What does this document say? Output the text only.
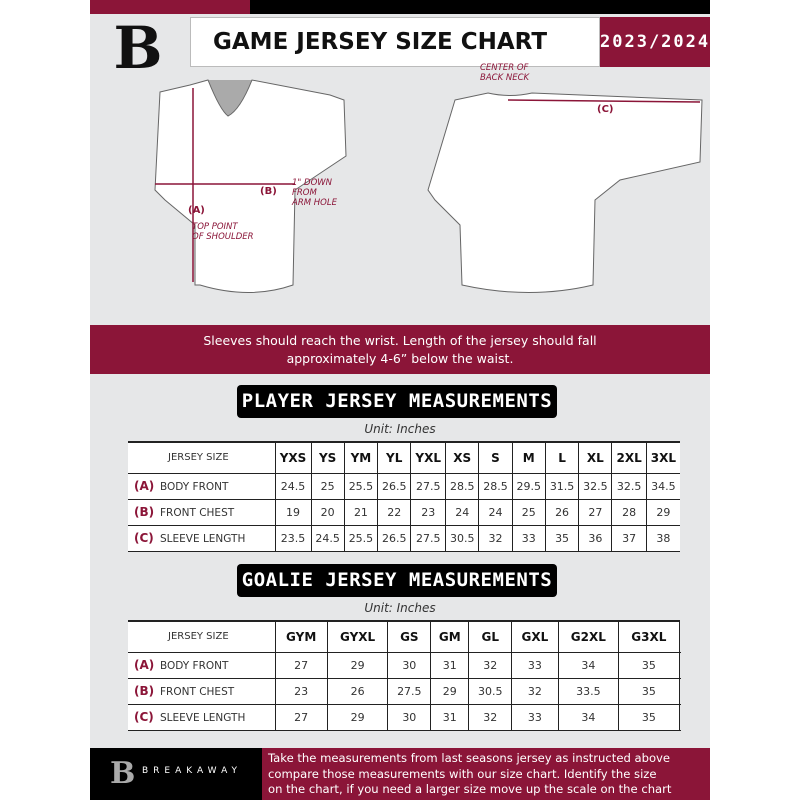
B GAME JERSEY SIZE CHART	2023/2024
(A)
TOP POINT
OF SHOULDER
(B)
1" DOWN
FROM
ARM HOLE
(C)
CENTER OF
BACK NECK
Sleeves should reach the wrist. Length of the jersey should fall
approximately 4-6” below the waist.
PLAYER JERSEY MEASUREMENTS
Unit: Inches
JERSEY SIZE	YXS	YS	YM	YL	YXL	XS	S	M	L	XL	2XL	3XL
(A) BODY FRONT	24.5	25	25.5	26.5	27.5	28.5	28.5	29.5	31.5	32.5	32.5	34.5
(B) FRONT CHEST	19	20	21	22	23	24	24	25	26	27	28	29
(C) SLEEVE LENGTH	23.5	24.5	25.5	26.5	27.5	30.5	32	33	35	36	37	38
GOALIE JERSEY MEASUREMENTS
Unit: Inches
JERSEY SIZE	GYM	GYXL	GS	GM	GL	GXL	G2XL	G3XL	
(A) BODY FRONT	27	29	30	31	32	33	34	35	
(B) FRONT CHEST	23	26	27.5	29	30.5	32	33.5	35	
(C) SLEEVE LENGTH	27	29	30	31	32	33	34	35	
B BREAKAWAY
Take the measurements from last seasons jersey as instructed above
compare those measurements with our size chart. Identify the size
on the chart, if you need a larger size move up the scale on the chart
